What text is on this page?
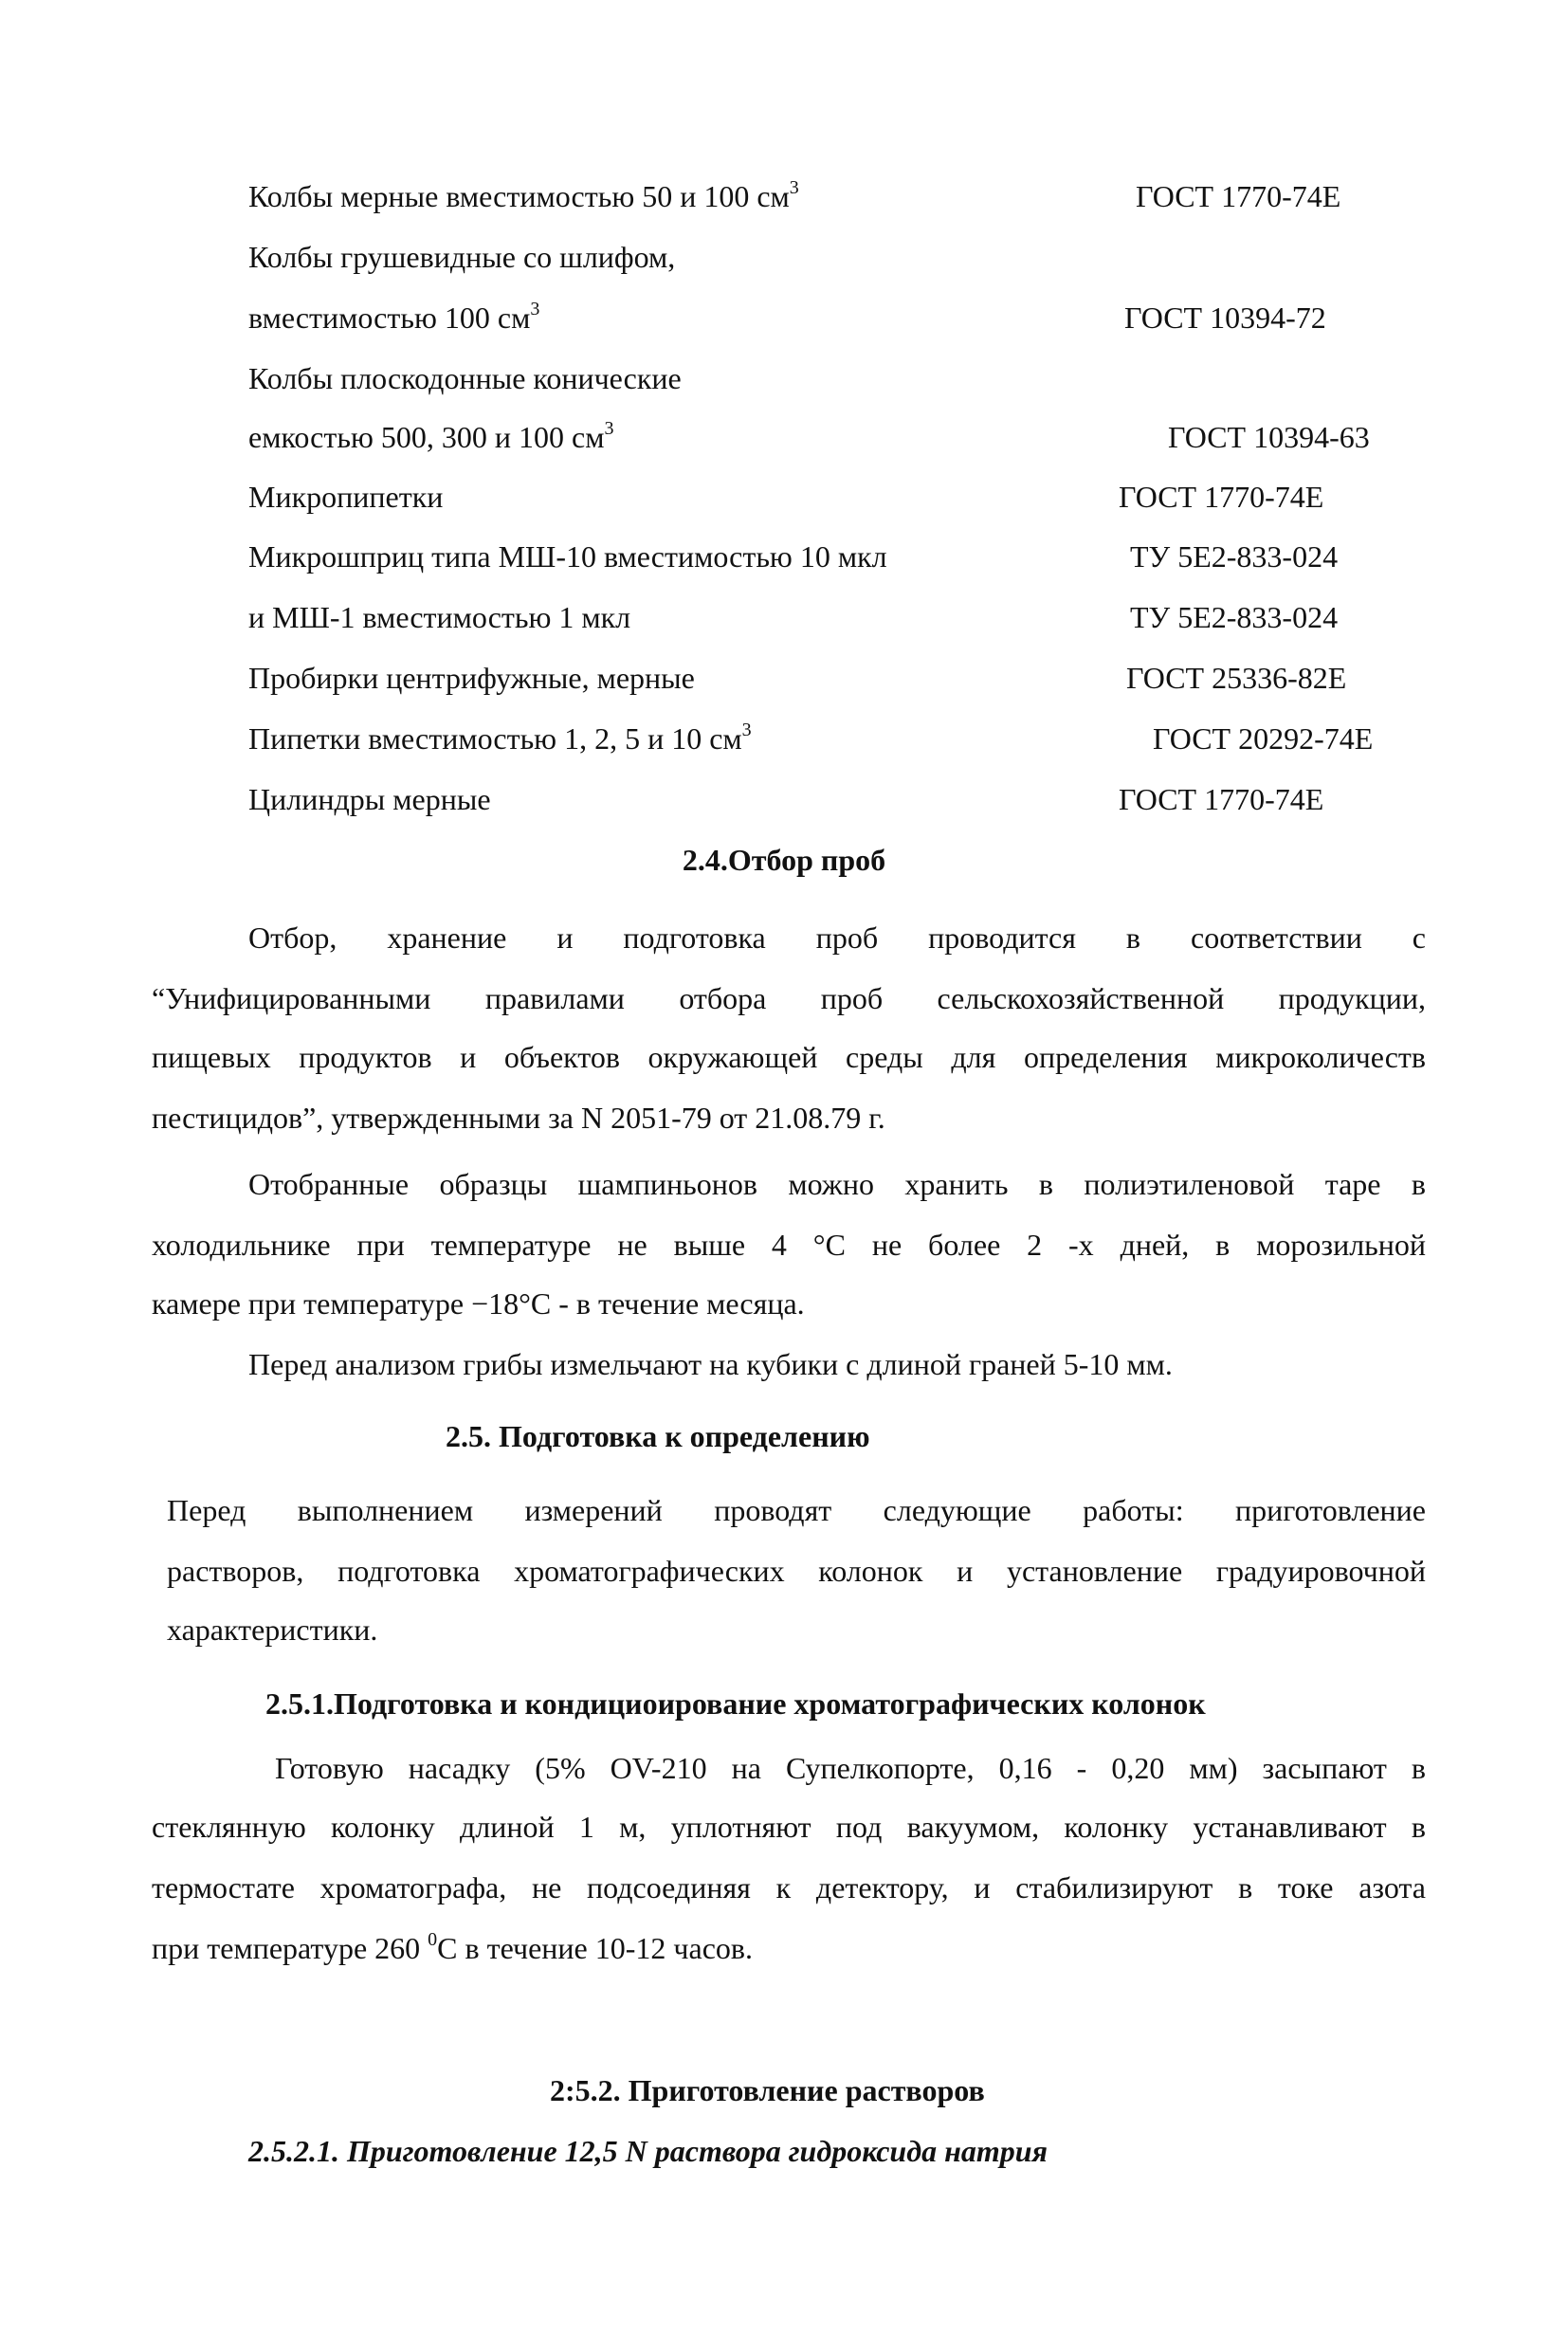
Колбы мерные вместимостью 50 и 100 $см^3$	ГОСТ 1770-74Е
Колбы грушевидные со шлифом,
вместимостью 100 $см^3$	ГОСТ 10394-72
Колбы плоскодонные конические
емкостью 500, 300 и 100 $см^3$	ГОСТ 10394-63
Микропипетки	ГОСТ 1770-74Е
Микрошприц типа МШ-10 вместимостью 10 мкл	ТУ 5Е2-833-024
и МШ-1 вместимостью 1 мкл	ТУ 5Е2-833-024
Пробирки центрифужные, мерные	ГОСТ 25336-82Е
Пипетки вместимостью 1, 2, 5 и 10 $см^3$	ГОСТ 20292-74Е
Цилиндры мерные	ГОСТ 1770-74Е
2.4.Отбор проб
Отбор, хранение и подготовка проб проводится в соответствии с
“Унифицированными правилами отбора проб сельскохозяйственной продукции,
пищевых продуктов и объектов окружающей среды для определения микроколичеств
пестицидов”, утвержденными за N 2051-79 от 21.08.79 г.
Отобранные образцы шампиньонов можно хранить в полиэтиленовой таре в
холодильнике при температуре не выше 4 °С не более 2 -х дней, в морозильной
камере при температуре −18°С - в течение месяца.
Перед анализом грибы измельчают на кубики с длиной граней 5-10 мм.
2.5. Подготовка к определению
Перед выполнением измерений проводят следующие работы: приготовление
растворов, подготовка хроматографических колонок и установление градуировочной
характеристики.
2.5.1.Подготовка и кондициоирование хроматографических колонок
Готовую насадку (5% OV-210 на Супелкопорте, 0,16 - 0,20 мм) засыпают в
стеклянную колонку длиной 1 м, уплотняют под вакуумом, колонку устанавливают в
термостате хроматографа, не подсоединяя к детектору, и стабилизируют в токе азота
при температуре 260 $^0$С в течение 10-12 часов.
2:5.2. Приготовление растворов
2.5.2.1. Приготовление 12,5 N раствора гидроксида натрия
